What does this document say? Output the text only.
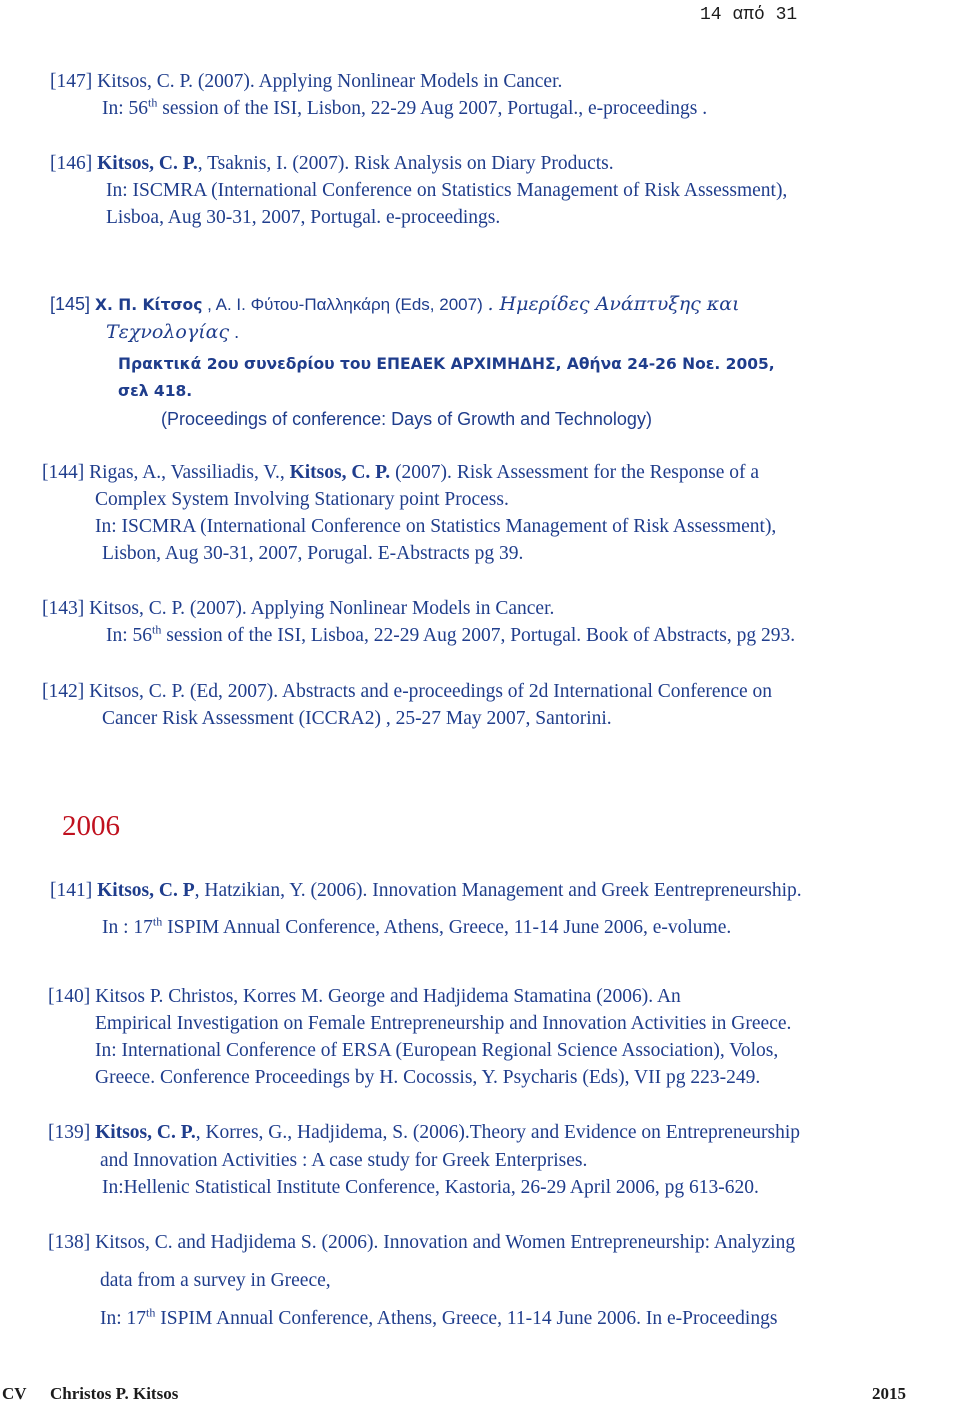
14 από 31
[147] Kitsos, C. P. (2007). Applying Nonlinear Models in Cancer.
In: 56th session of the ISI, Lisbon, 22-29 Aug 2007, Portugal., e-proceedings .
[146] Kitsos, C. P., Tsaknis, I. (2007). Risk Analysis on Diary Products.
In: ISCMRA (International Conference on Statistics Management of Risk Assessment),
Lisboa, Aug 30-31, 2007, Portugal. e-proceedings.
[145] Χ. Π. Κίτσος , Α. Ι. Φύτου-Παλληκάρη (Eds, 2007) . Ημερίδες Ανάπτυξης και
Τεχνολογίας .
Πρακτικά 2ου συνεδρίου του ΕΠΕΑΕΚ ΑΡΧΙΜΗΔΗΣ, Αθήνα 24-26 Νοε. 2005,
σελ 418.
(Proceedings of conference: Days of Growth and Technology)
[144] Rigas, A., Vassiliadis, V., Kitsos, C. P. (2007). Risk Assessment for the Response of a
Complex System Involving Stationary point Process.
In: ISCMRA (International Conference on Statistics Management of Risk Assessment),
Lisbon, Aug 30-31, 2007, Porugal. E-Abstracts pg 39.
[143] Kitsos, C. P. (2007). Applying Nonlinear Models in Cancer.
In: 56th session of the ISI, Lisboa, 22-29 Aug 2007, Portugal. Book of Abstracts, pg 293.
[142] Kitsos, C. P. (Ed, 2007). Abstracts and e-proceedings of 2d International Conference on
Cancer Risk Assessment (ICCRA2) , 25-27 May 2007, Santorini.
2006
[141] Kitsos, C. P, Hatzikian, Y. (2006). Innovation Management and Greek Eentrepreneurship.
In : 17th ISPIM Annual Conference, Athens, Greece, 11-14 June 2006, e-volume.
[140] Kitsos P. Christos, Korres M. George and Hadjidema Stamatina (2006). An
Empirical Investigation on Female Entrepreneurship and Innovation Activities in Greece.
In: International Conference of ERSA (European Regional Science Association), Volos,
Greece. Conference Proceedings by H. Cocossis, Y. Psycharis (Eds), VII pg 223-249.
[139] Kitsos, C. P., Korres, G., Hadjidema, S. (2006).Theory and Evidence on Entrepreneurship
and Innovation Activities : A case study for Greek Enterprises.
In:Hellenic Statistical Institute Conference, Kastoria, 26-29 April 2006, pg 613-620.
[138] Kitsos, C. and Hadjidema S. (2006). Innovation and Women Entrepreneurship: Analyzing
data from a survey in Greece,
In: 17th ISPIM Annual Conference, Athens, Greece, 11-14 June 2006. In e-Proceedings
CV Christos P. Kitsos	2015
